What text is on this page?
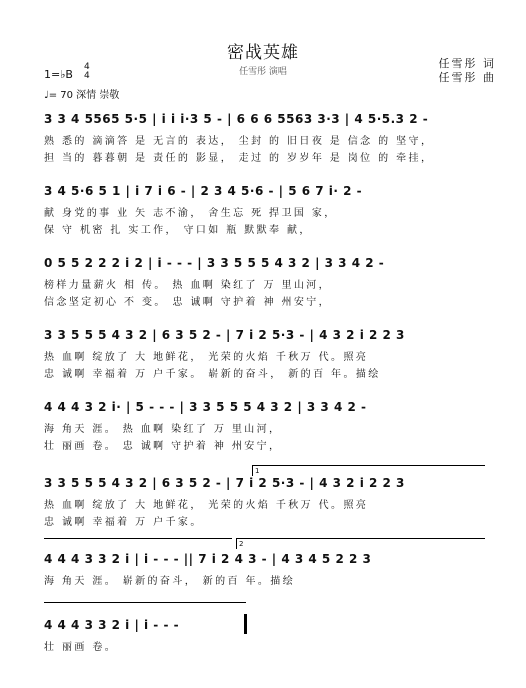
密战英雄
任雪彤 演唱
任雪彤 词
任雪彤 曲
1=♭B
4
4
♩= 70 深情 崇敬
3 3 4 5565 5·5 | i i i·3 5 - | 6 6 6 5563 3·3 | 4 5·5.3 2 -
熟 悉的 滴滴答 是 无言的 表达， 尘封 的 旧日夜 是 信念 的 坚守，
担 当的 暮暮朝 是 责任的 影显， 走过 的 岁岁年 是 岗位 的 牵挂，
3 4 5·6 5 1 | i 7 i 6 - | 2 3 4 5·6 - | 5 6 7 i· 2 -
献 身党的事 业 矢 志不渝， 舍生忘 死 捍卫国 家，
保 守 机密 扎 实工作， 守口如 瓶 默默奉 献，
0 5 5 2 2 2 i 2 | i - - - | 3 3 5 5 5 4 3 2 | 3 3 4 2 -
榜样力量薪火 相 传。 热 血啊 染红了 万 里山河，
信念坚定初心 不 变。 忠 诚啊 守护着 神 州安宁，
3 3 5 5 5 4 3 2 | 6 3 5 2 - | 7 i 2 5·3 - | 4 3 2 i 2 2 3
热 血啊 绽放了 大 地鲜花， 光荣的火焰 千秋万 代。照亮
忠 诚啊 幸福着 万 户千家。 崭新的奋斗， 新的百 年。描绘
4 4 4 3 2 i· | 5 - - - | 3 3 5 5 5 4 3 2 | 3 3 4 2 -
海 角天 涯。 热 血啊 染红了 万 里山河，
壮 丽画 卷。 忠 诚啊 守护着 神 州安宁，
1
3 3 5 5 5 4 3 2 | 6 3 5 2 - | 7 i 2 5·3 - | 4 3 2 i 2 2 3
热 血啊 绽放了 大 地鲜花， 光荣的火焰 千秋万 代。照亮
忠 诚啊 幸福着 万 户千家。
2
4 4 4 3 3 2 i | i - - - || 7 i 2 4 3 - | 4 3 4 5 2 2 3
海 角天 涯。 崭新的奋斗， 新的百 年。描绘
4 4 4 3 3 2 i | i - - -
壮 丽画 卷。
